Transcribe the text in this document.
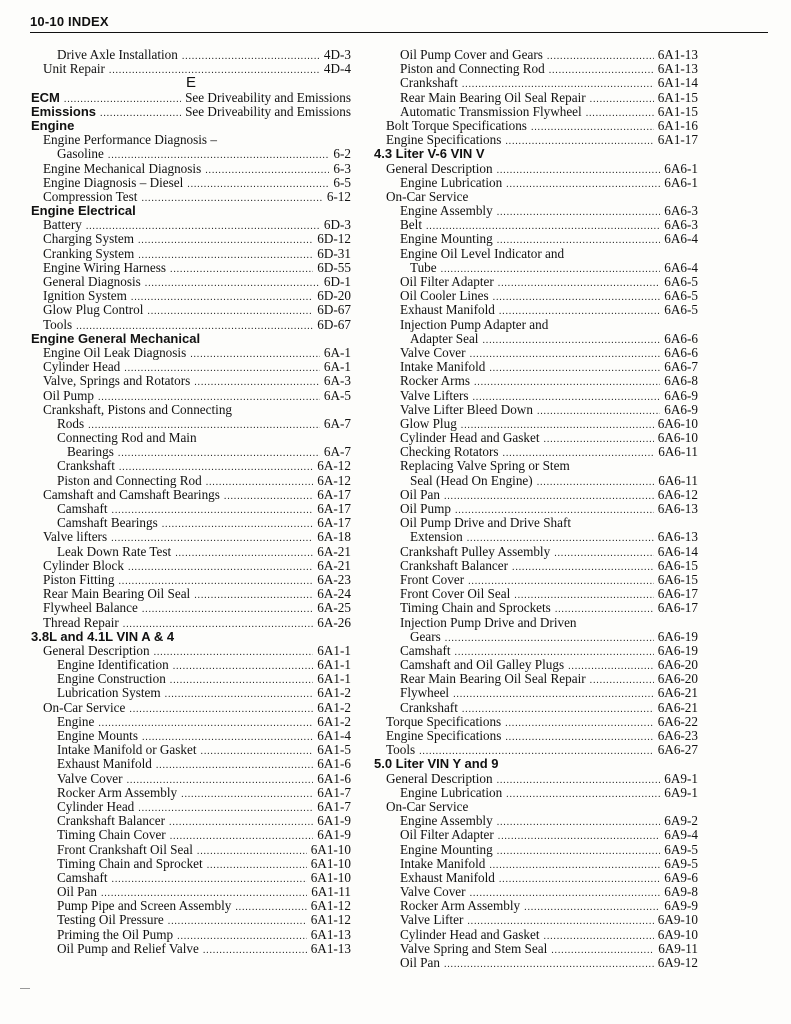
10-10 INDEX
Drive Axle Installation .....	4D-3
Unit Repair .....	4D-4
E
ECM .....	See Driveability and Emissions
Emissions .....	See Driveability and Emissions
Engine
Engine Performance Diagnosis –
Gasoline .....	6-2
Engine Mechanical Diagnosis .....	6-3
Engine Diagnosis – Diesel .....	6-5
Compression Test .....	6-12
Engine Electrical
Battery .....	6D-3
Charging System .....	6D-12
Cranking System .....	6D-31
Engine Wiring Harness .....	6D-55
General Diagnosis .....	6D-1
Ignition System .....	6D-20
Glow Plug Control .....	6D-67
Tools .....	6D-67
Engine General Mechanical
Engine Oil Leak Diagnosis .....	6A-1
Cylinder Head .....	6A-1
Valve, Springs and Rotators .....	6A-3
Oil Pump .....	6A-5
Crankshaft, Pistons and Connecting
Rods .....	6A-7
Connecting Rod and Main
Bearings .....	6A-7
Crankshaft .....	6A-12
Piston and Connecting Rod .....	6A-12
Camshaft and Camshaft Bearings .....	6A-17
Camshaft .....	6A-17
Camshaft Bearings .....	6A-17
Valve lifters .....	6A-18
Leak Down Rate Test .....	6A-21
Cylinder Block .....	6A-21
Piston Fitting .....	6A-23
Rear Main Bearing Oil Seal .....	6A-24
Flywheel Balance .....	6A-25
Thread Repair .....	6A-26
3.8L and 4.1L VIN A & 4
General Description .....	6A1-1
Engine Identification .....	6A1-1
Engine Construction .....	6A1-1
Lubrication System .....	6A1-2
On-Car Service .....	6A1-2
Engine .....	6A1-2
Engine Mounts .....	6A1-4
Intake Manifold or Gasket .....	6A1-5
Exhaust Manifold .....	6A1-6
Valve Cover .....	6A1-6
Rocker Arm Assembly .....	6A1-7
Cylinder Head .....	6A1-7
Crankshaft Balancer .....	6A1-9
Timing Chain Cover .....	6A1-9
Front Crankshaft Oil Seal .....	6A1-10
Timing Chain and Sprocket .....	6A1-10
Camshaft .....	6A1-10
Oil Pan .....	6A1-11
Pump Pipe and Screen Assembly .....	6A1-12
Testing Oil Pressure .....	6A1-12
Priming the Oil Pump .....	6A1-13
Oil Pump and Relief Valve .....	6A1-13
Oil Pump Cover and Gears .....	6A1-13
Piston and Connecting Rod .....	6A1-13
Crankshaft .....	6A1-14
Rear Main Bearing Oil Seal Repair .....	6A1-15
Automatic Transmission Flywheel .....	6A1-15
Bolt Torque Specifications .....	6A1-16
Engine Specifications .....	6A1-17
4.3 Liter V-6 VIN V
General Description .....	6A6-1
Engine Lubrication .....	6A6-1
On-Car Service
Engine Assembly .....	6A6-3
Belt .....	6A6-3
Engine Mounting .....	6A6-4
Engine Oil Level Indicator and
Tube .....	6A6-4
Oil Filter Adapter .....	6A6-5
Oil Cooler Lines .....	6A6-5
Exhaust Manifold .....	6A6-5
Injection Pump Adapter and
Adapter Seal .....	6A6-6
Valve Cover .....	6A6-6
Intake Manifold .....	6A6-7
Rocker Arms .....	6A6-8
Valve Lifters .....	6A6-9
Valve Lifter Bleed Down .....	6A6-9
Glow Plug .....	6A6-10
Cylinder Head and Gasket .....	6A6-10
Checking Rotators .....	6A6-11
Replacing Valve Spring or Stem
Seal (Head On Engine) .....	6A6-11
Oil Pan .....	6A6-12
Oil Pump .....	6A6-13
Oil Pump Drive and Drive Shaft
Extension .....	6A6-13
Crankshaft Pulley Assembly .....	6A6-14
Crankshaft Balancer .....	6A6-15
Front Cover .....	6A6-15
Front Cover Oil Seal .....	6A6-17
Timing Chain and Sprockets .....	6A6-17
Injection Pump Drive and Driven
Gears .....	6A6-19
Camshaft .....	6A6-19
Camshaft and Oil Galley Plugs .....	6A6-20
Rear Main Bearing Oil Seal Repair .....	6A6-20
Flywheel .....	6A6-21
Crankshaft .....	6A6-21
Torque Specifications .....	6A6-22
Engine Specifications .....	6A6-23
Tools .....	6A6-27
5.0 Liter VIN Y and 9
General Description .....	6A9-1
Engine Lubrication .....	6A9-1
On-Car Service
Engine Assembly .....	6A9-2
Oil Filter Adapter .....	6A9-4
Engine Mounting .....	6A9-5
Intake Manifold .....	6A9-5
Exhaust Manifold .....	6A9-6
Valve Cover .....	6A9-8
Rocker Arm Assembly .....	6A9-9
Valve Lifter .....	6A9-10
Cylinder Head and Gasket .....	6A9-10
Valve Spring and Stem Seal .....	6A9-11
Oil Pan .....	6A9-12
